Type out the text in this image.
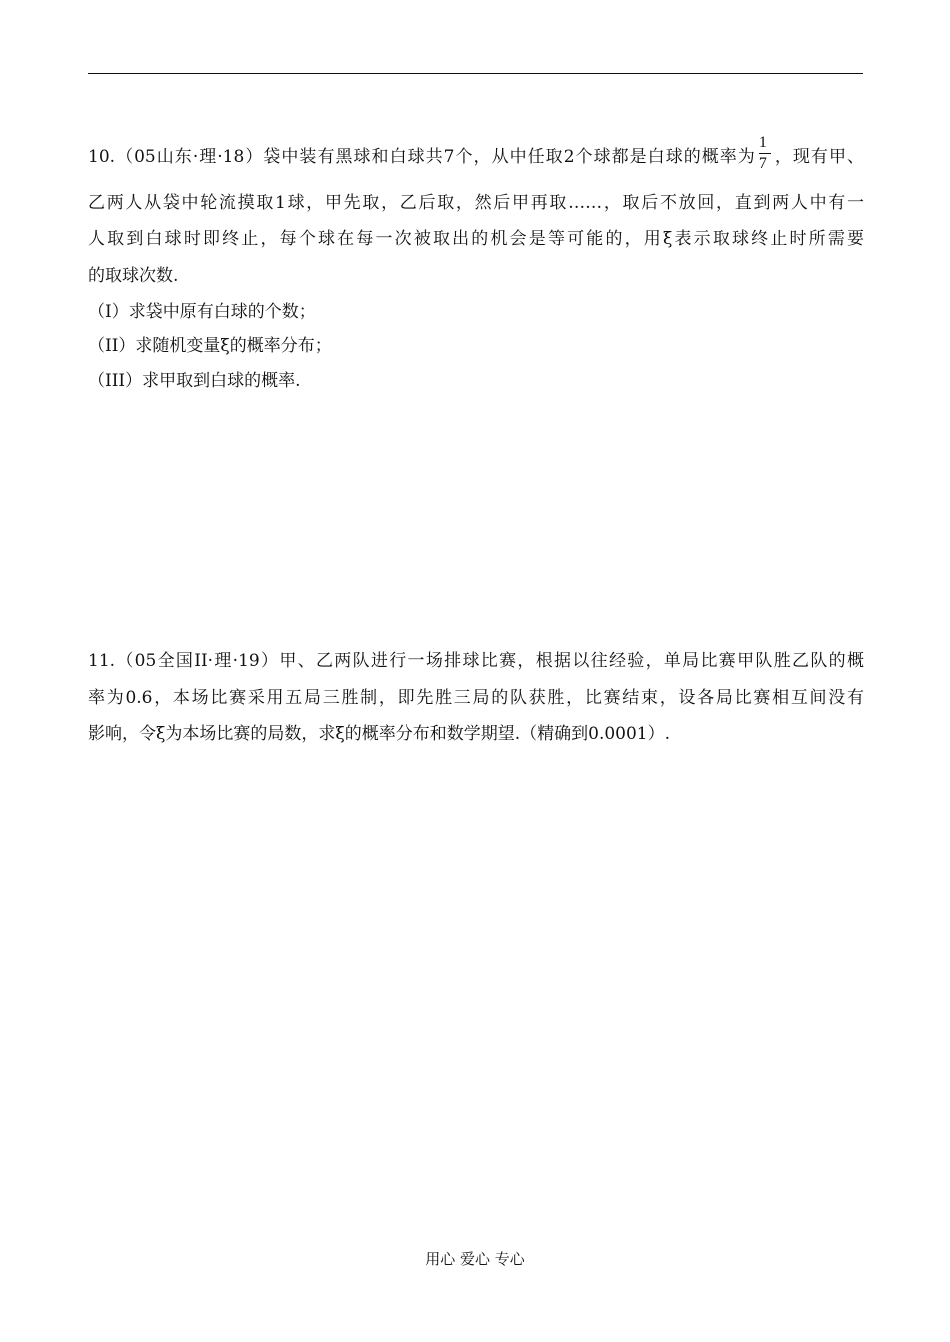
10.（05山东·理·18）袋中装有黑球和白球共7个，从中任取2个球都是白球的概率为 $\frac{1}{7}$ ，现有甲、
乙两人从袋中轮流摸取1球，甲先取，乙后取，然后甲再取……，取后不放回，直到两人中有一
人取到白球时即终止，每个球在每一次被取出的机会是等可能的，用ξ表示取球终止时所需要
的取球次数.
（I）求袋中原有白球的个数；
（II）求随机变量ξ的概率分布；
（III）求甲取到白球的概率.
11.（05全国II·理·19）甲、乙两队进行一场排球比赛，根据以往经验，单局比赛甲队胜乙队的概
率为0.6，本场比赛采用五局三胜制，即先胜三局的队获胜，比赛结束，设各局比赛相互间没有
影响，令ξ为本场比赛的局数，求ξ的概率分布和数学期望.（精确到0.0001）.
用心 爱心 专心
